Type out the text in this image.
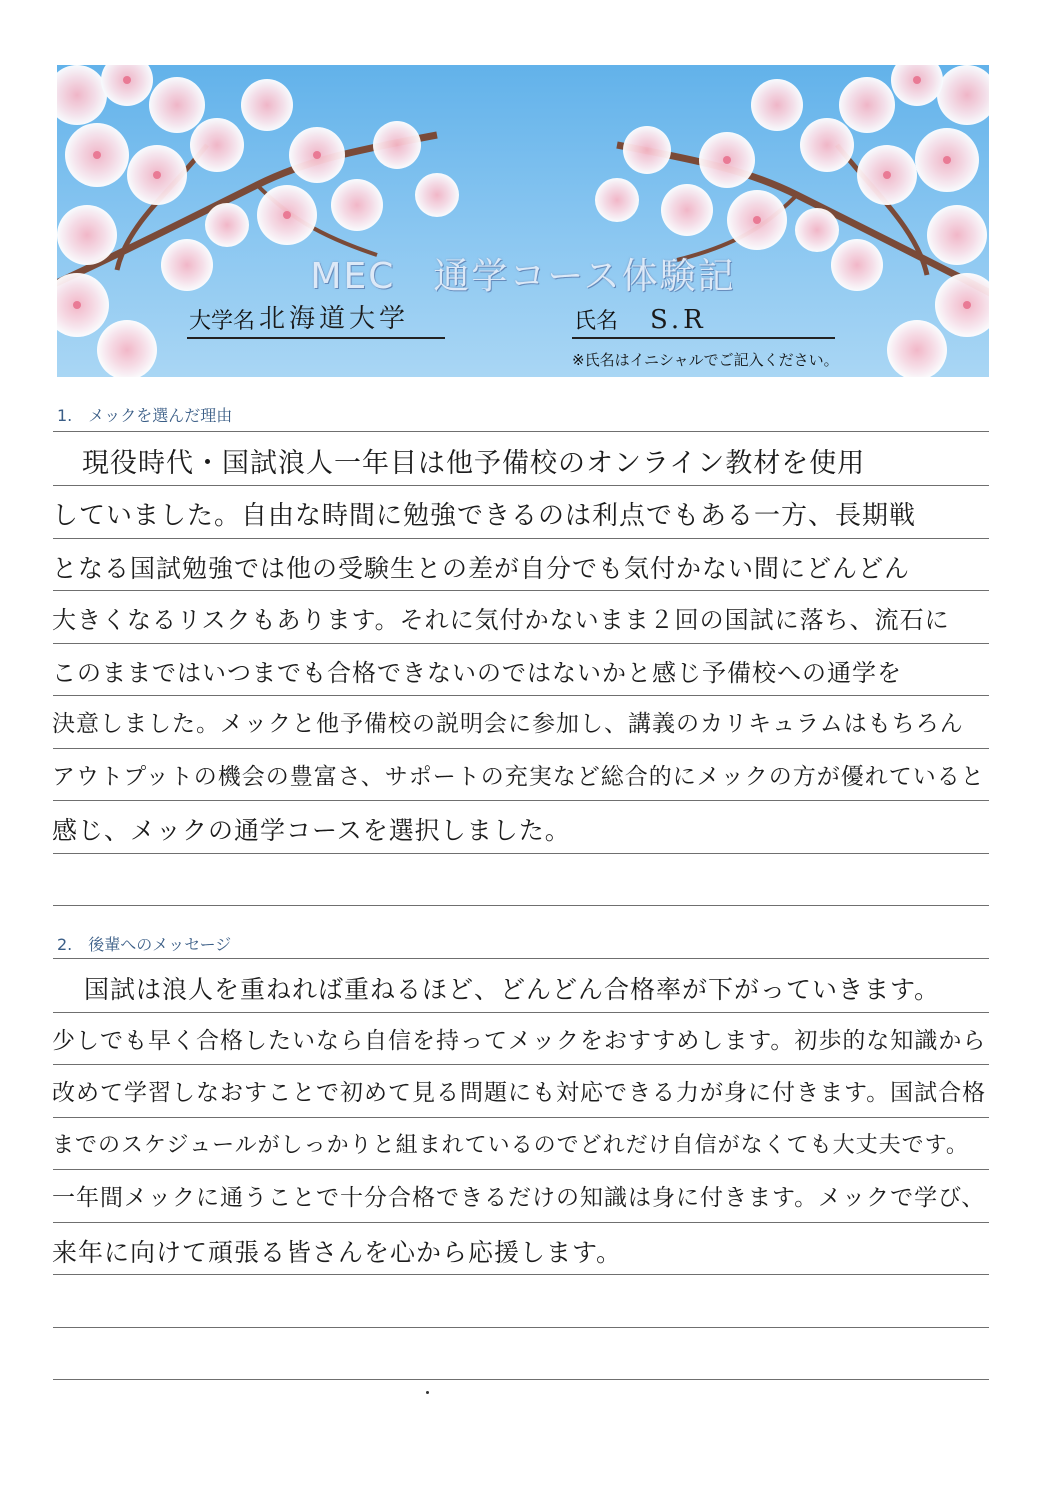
MEC　通学コース体験記
大学名 北海道大学	氏名 S.R
※氏名はイニシャルでご記入ください。
1. メックを選んだ理由
現役時代・国試浪人一年目は他予備校のオンライン教材を使用
していました。自由な時間に勉強できるのは利点でもある一方、長期戦
となる国試勉強では他の受験生との差が自分でも気付かない間にどんどん
大きくなるリスクもあります。それに気付かないまま２回の国試に落ち、流石に
このままではいつまでも合格できないのではないかと感じ予備校への通学を
決意しました。メックと他予備校の説明会に参加し、講義のカリキュラムはもちろん
アウトプットの機会の豊富さ、サポートの充実など総合的にメックの方が優れていると
感じ、メックの通学コースを選択しました。
2. 後輩へのメッセージ
国試は浪人を重ねれば重ねるほど、どんどん合格率が下がっていきます。
少しでも早く合格したいなら自信を持ってメックをおすすめします。初歩的な知識から
改めて学習しなおすことで初めて見る問題にも対応できる力が身に付きます。国試合格
までのスケジュールがしっかりと組まれているのでどれだけ自信がなくても大丈夫です。
一年間メックに通うことで十分合格できるだけの知識は身に付きます。メックで学び、
来年に向けて頑張る皆さんを心から応援します。
